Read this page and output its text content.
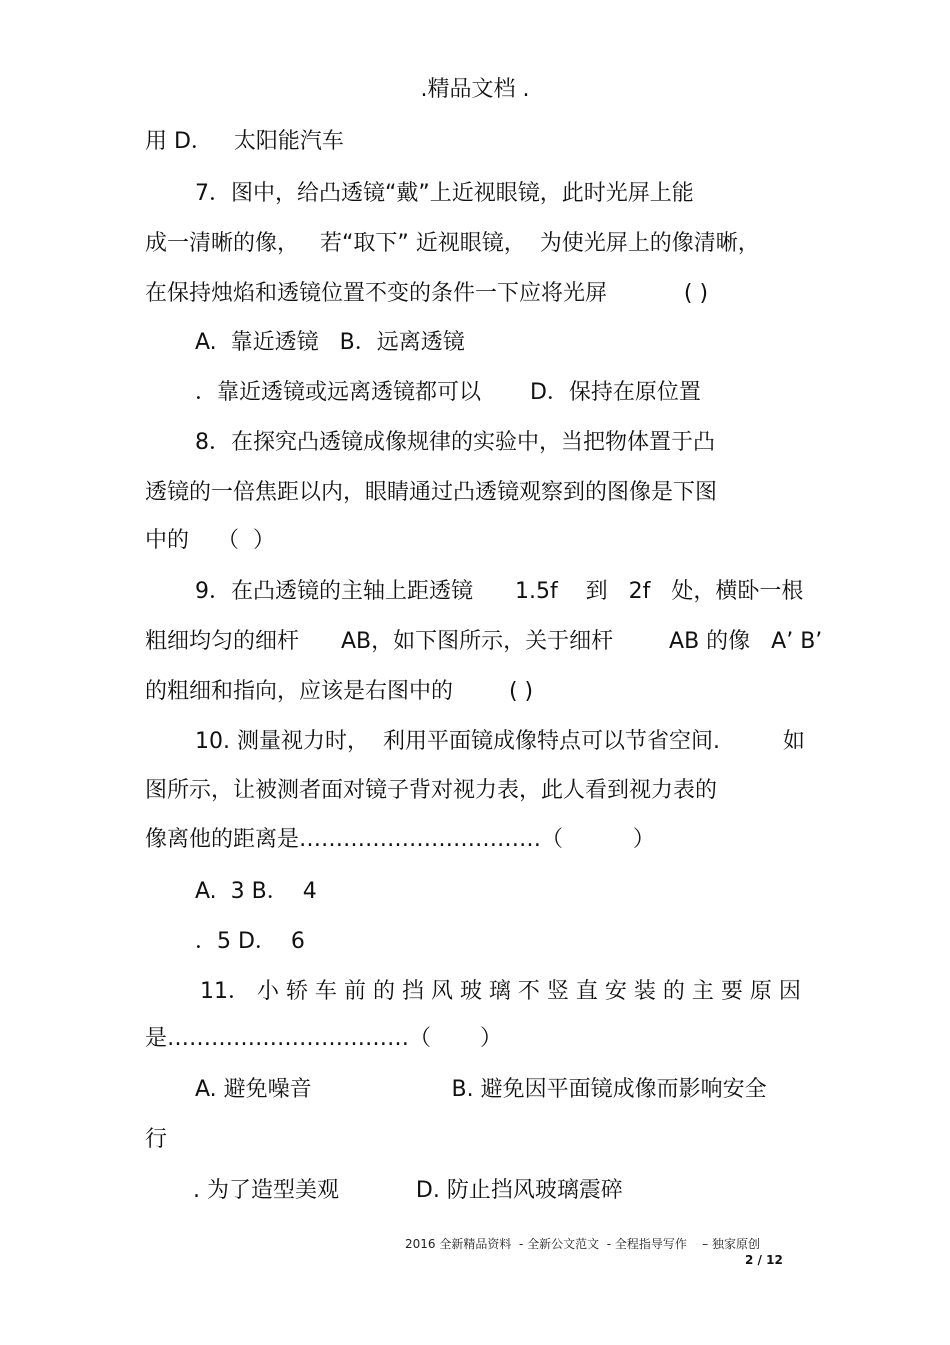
.精品文档 .
用 D．   太阳能汽车
7．图中，给凸透镜“戴”上近视眼镜，此时光屏上能
成一清晰的像，   若“取下” 近视眼镜，  为使光屏上的像清晰，
在保持烛焰和透镜位置不变的条件一下应将光屏           ( )
A.  靠近透镜   B．远离透镜
．靠近透镜或远离透镜都可以       D．保持在原位置
8．在探究凸透镜成像规律的实验中，当把物体置于凸
透镜的一倍焦距以内，眼睛通过凸透镜观察到的图像是下图
中的    （  ）
9．在凸透镜的主轴上距透镜      1.5f    到   2f   处，横卧一根
粗细均匀的细杆      AB，如下图所示，关于细杆        AB 的像   A’ B’
的粗细和指向，应该是右图中的        ( )
10. 测量视力时，  利用平面镜成像特点可以节省空间.         如
图所示，让被测者面对镜子背对视力表，此人看到视力表的
像离他的距离是……………………………（          ）
A.  3 B．  4
．5 D．  6
11． 小 轿 车 前 的 挡 风 玻 璃 不 竖 直 安 装 的 主 要 原 因
是……………………………（       ）
A. 避免噪音                    B. 避免因平面镜成像而影响安全
行
. 为了造型美观           D. 防止挡风玻璃震碎
2016 全新精品资料  - 全新公文范文  - 全程指导写作    – 独家原创
2 / 12
